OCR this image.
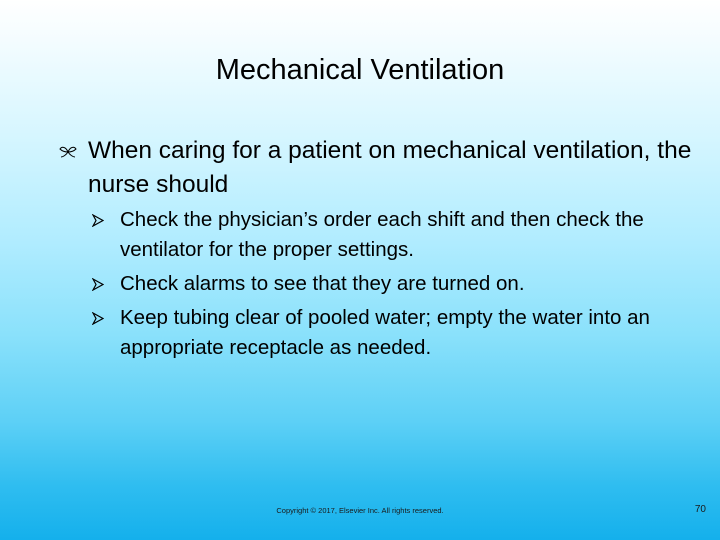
Mechanical Ventilation
When caring for a patient on mechanical ventilation, the nurse should
Check the physician’s order each shift and then check the ventilator for the proper settings.
Check alarms to see that they are turned on.
Keep tubing clear of pooled water; empty the water into an appropriate receptacle as needed.
Copyright © 2017, Elsevier Inc. All rights reserved.	70
